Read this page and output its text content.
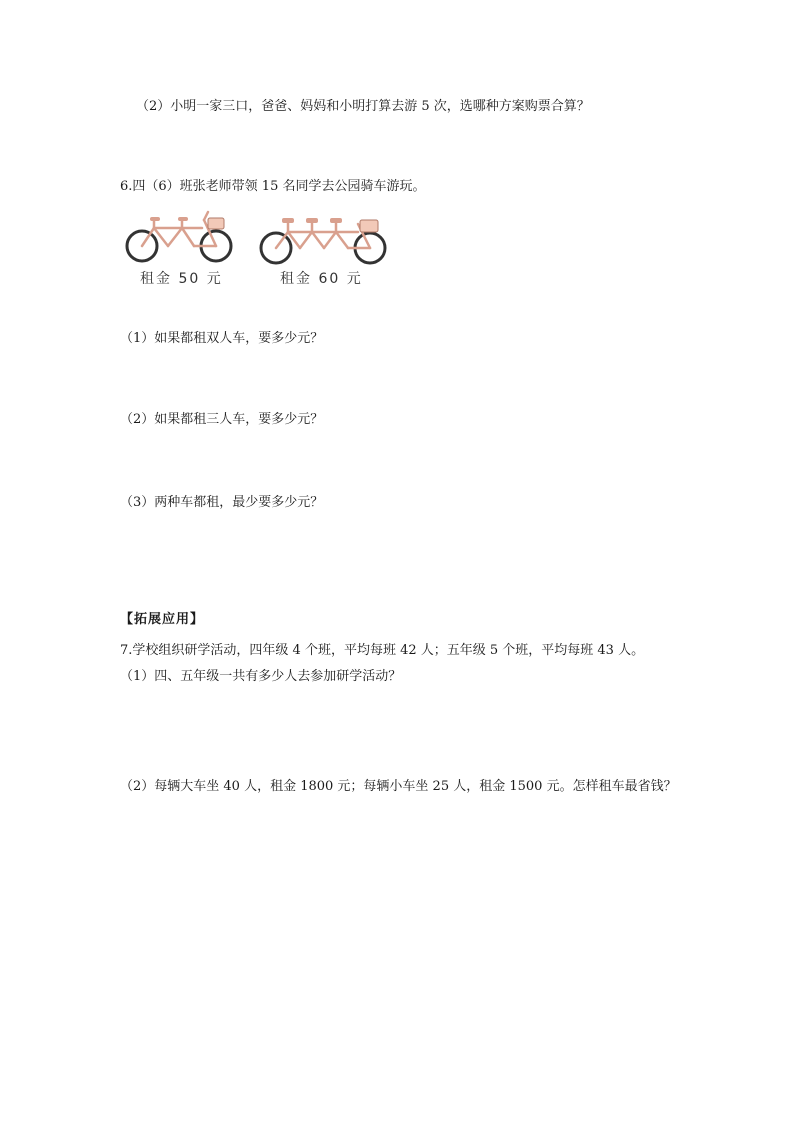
（2）小明一家三口，爸爸、妈妈和小明打算去游 5 次，选哪种方案购票合算？
6.四（6）班张老师带领 15 名同学去公园骑车游玩。
租金 50 元	租金 60 元
（1）如果都租双人车，要多少元？
（2）如果都租三人车，要多少元？
（3）两种车都租，最少要多少元？
【拓展应用】
7.学校组织研学活动，四年级 4 个班，平均每班 42 人；五年级 5 个班，平均每班 43 人。
（1）四、五年级一共有多少人去参加研学活动？
（2）每辆大车坐 40 人，租金 1800 元；每辆小车坐 25 人，租金 1500 元。怎样租车最省钱？
